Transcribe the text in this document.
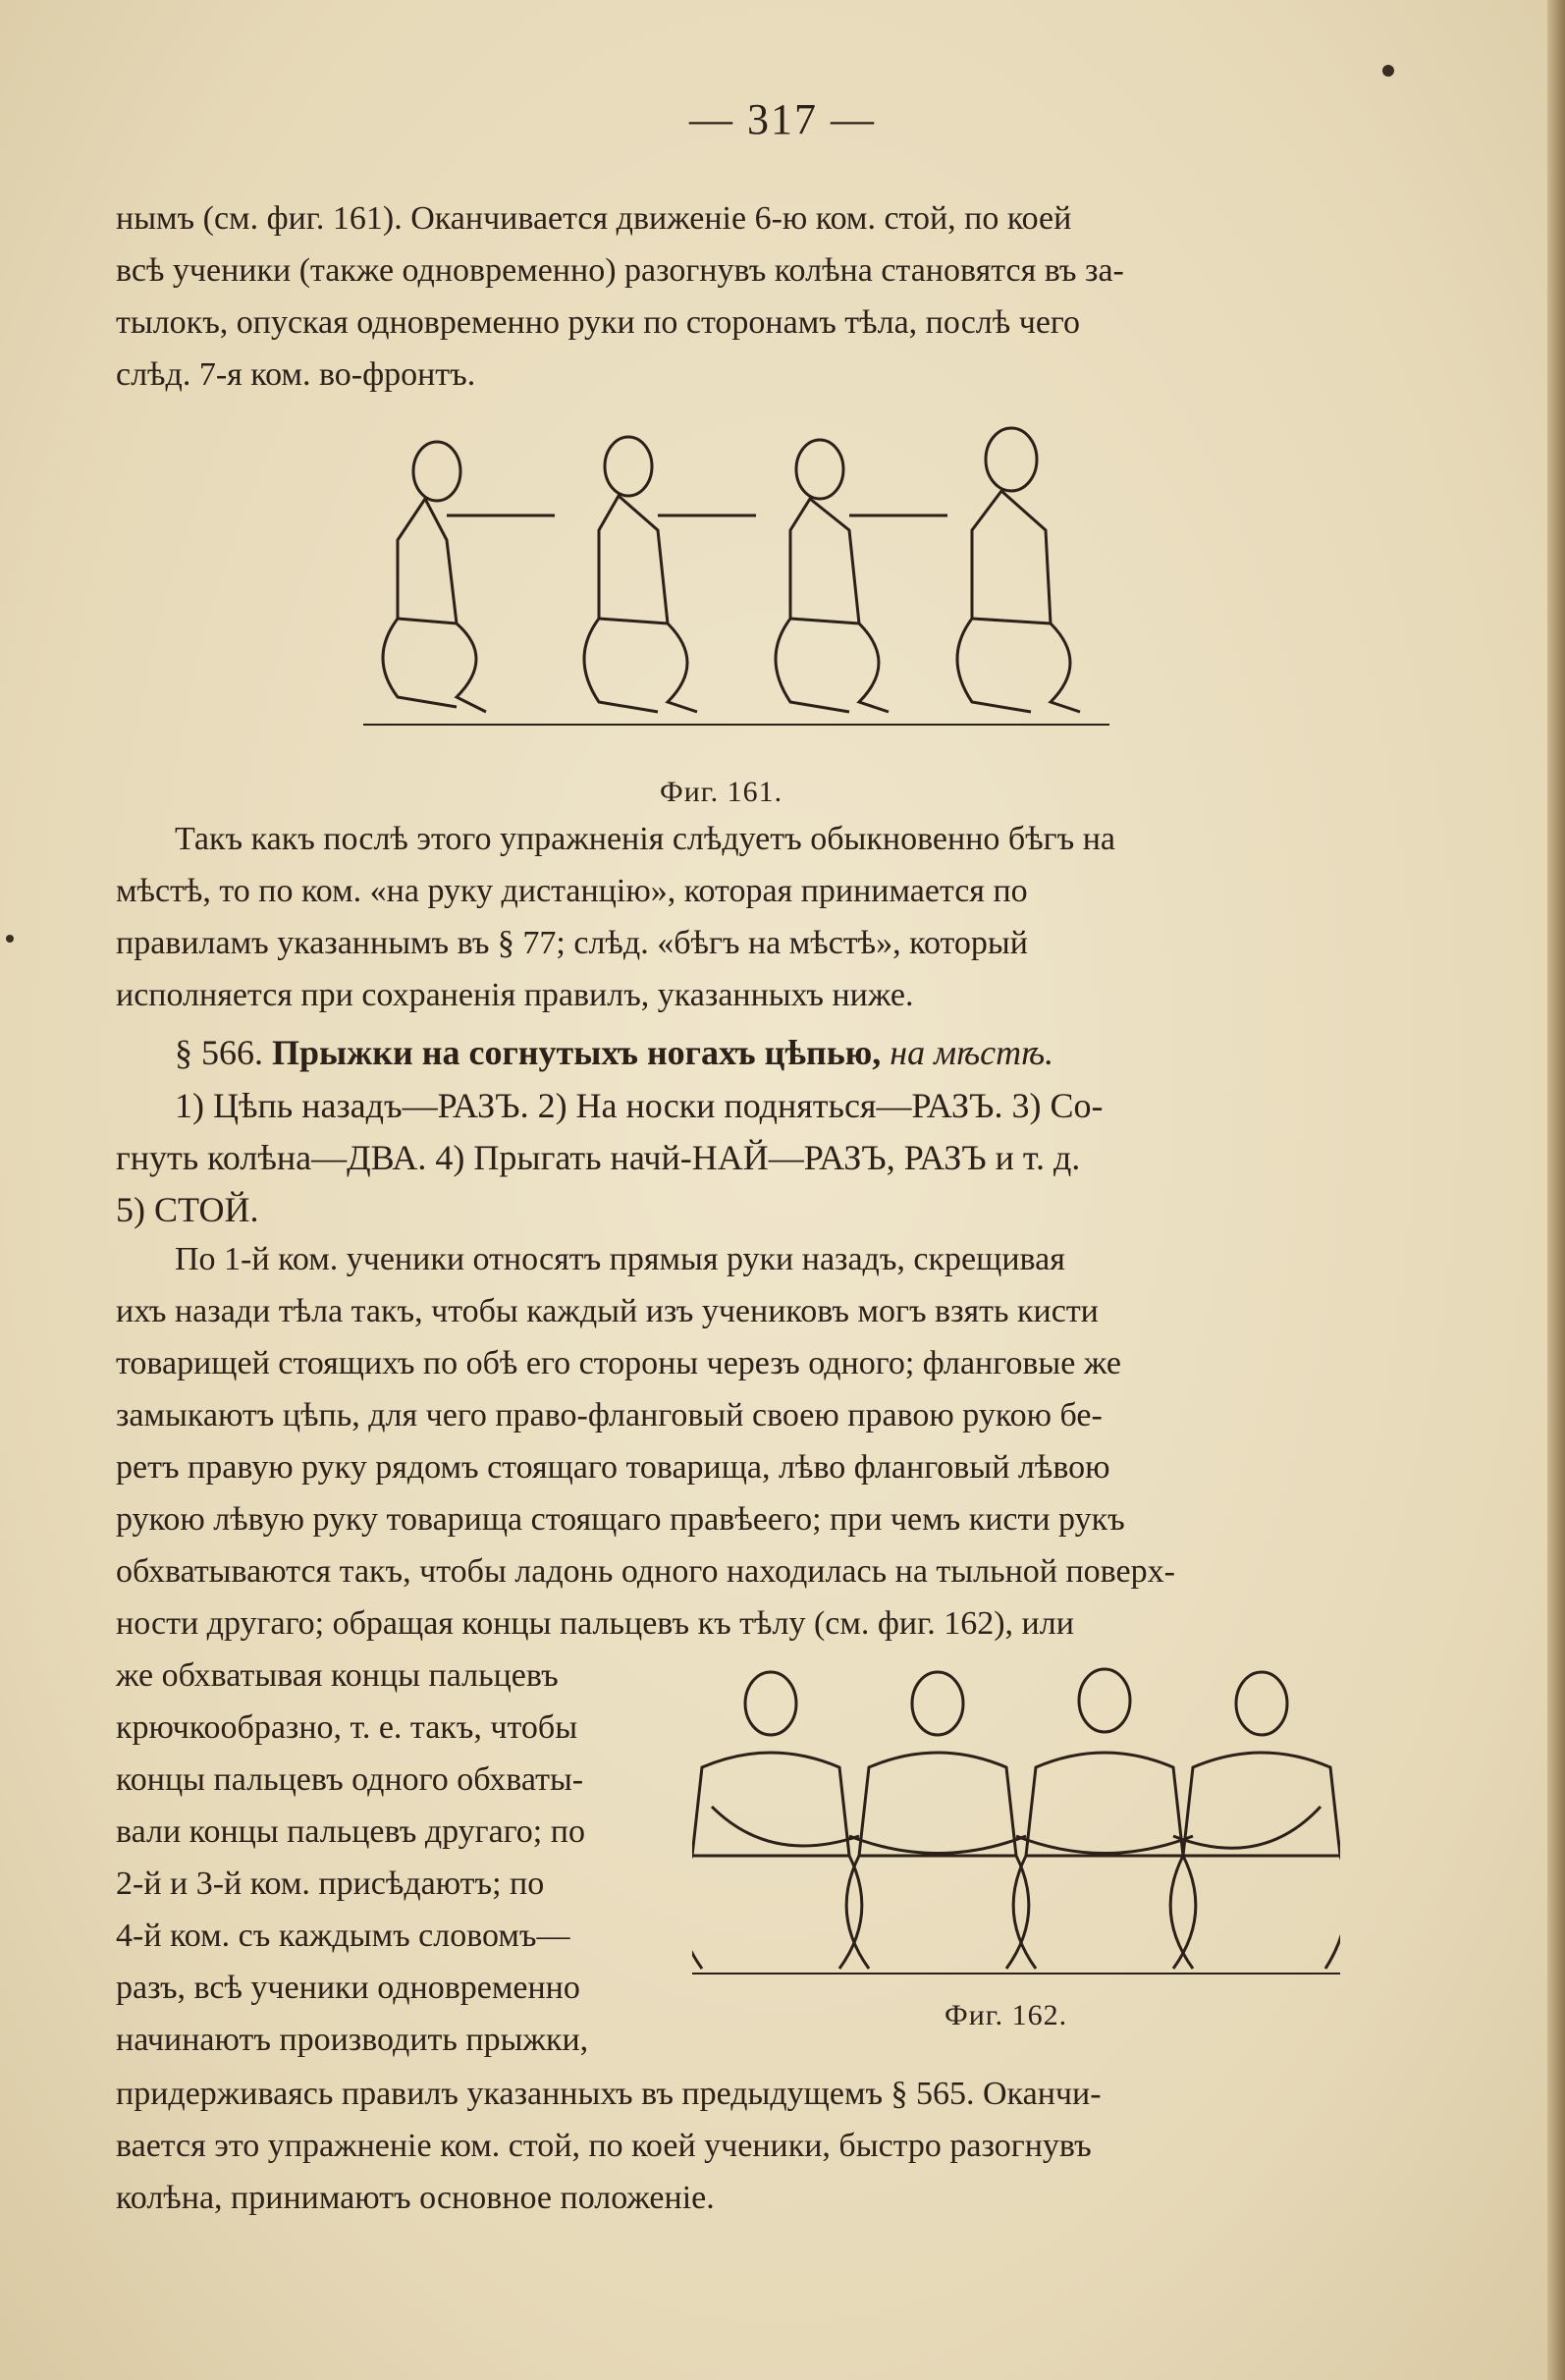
— 317 —

нымъ (см. фиг. 161). Оканчивается движеніе 6-ю ком. стой, по коей

всѣ ученики (также одновременно) разогнувъ колѣна становятся въ за-

тылокъ, опуская одновременно руки по сторонамъ тѣла, послѣ чего

слѣд. 7-я ком. во-фронтъ.

Фиг. 161.

Такъ какъ послѣ этого упражненія слѣдуетъ обыкновенно бѣгъ на

мѣстѣ, то по ком. «на руку дистанцію», которая принимается по

правиламъ указаннымъ въ § 77; слѣд. «бѣгъ на мѣстѣ», который

исполняется при сохраненія правилъ, указанныхъ ниже.

§ 566. Прыжки на согнутыхъ ногахъ цѣпью, на мѣстѣ.

1) Цѣпь назадъ—РАЗЪ. 2) На носки подняться—РАЗЪ. 3) Со-

гнуть колѣна—ДВА. 4) Прыгать начй-НАЙ—РАЗЪ, РАЗЪ и т. д.

5) СТОЙ.

По 1-й ком. ученики относятъ прямыя руки назадъ, скрещивая

ихъ назади тѣла такъ, чтобы каждый изъ учениковъ могъ взять кисти

товарищей стоящихъ по обѣ его стороны черезъ одного; фланговые же

замыкаютъ цѣпь, для чего право-фланговый своею правою рукою бе-

ретъ правую руку рядомъ стоящаго товарища, лѣво фланговый лѣвою

рукою лѣвую руку товарища стоящаго правѣеего; при чемъ кисти рукъ

обхватываются такъ, чтобы ладонь одного находилась на тыльной поверх-

ности другаго; обращая концы пальцевъ къ тѣлу (см. фиг. 162), или

же обхватывая концы пальцевъ

крючкообразно, т. е. такъ, чтобы

концы пальцевъ одного обхваты-

вали концы пальцевъ другаго; по

2-й и 3-й ком. присѣдаютъ; по

4-й ком. съ каждымъ словомъ—

разъ, всѣ ученики одновременно

начинаютъ производить прыжки,

Фиг. 162.

придерживаясь правилъ указанныхъ въ предыдущемъ § 565. Оканчи-

вается это упражненіе ком. стой, по коей ученики, быстро разогнувъ

колѣна, принимаютъ основное положеніе.
